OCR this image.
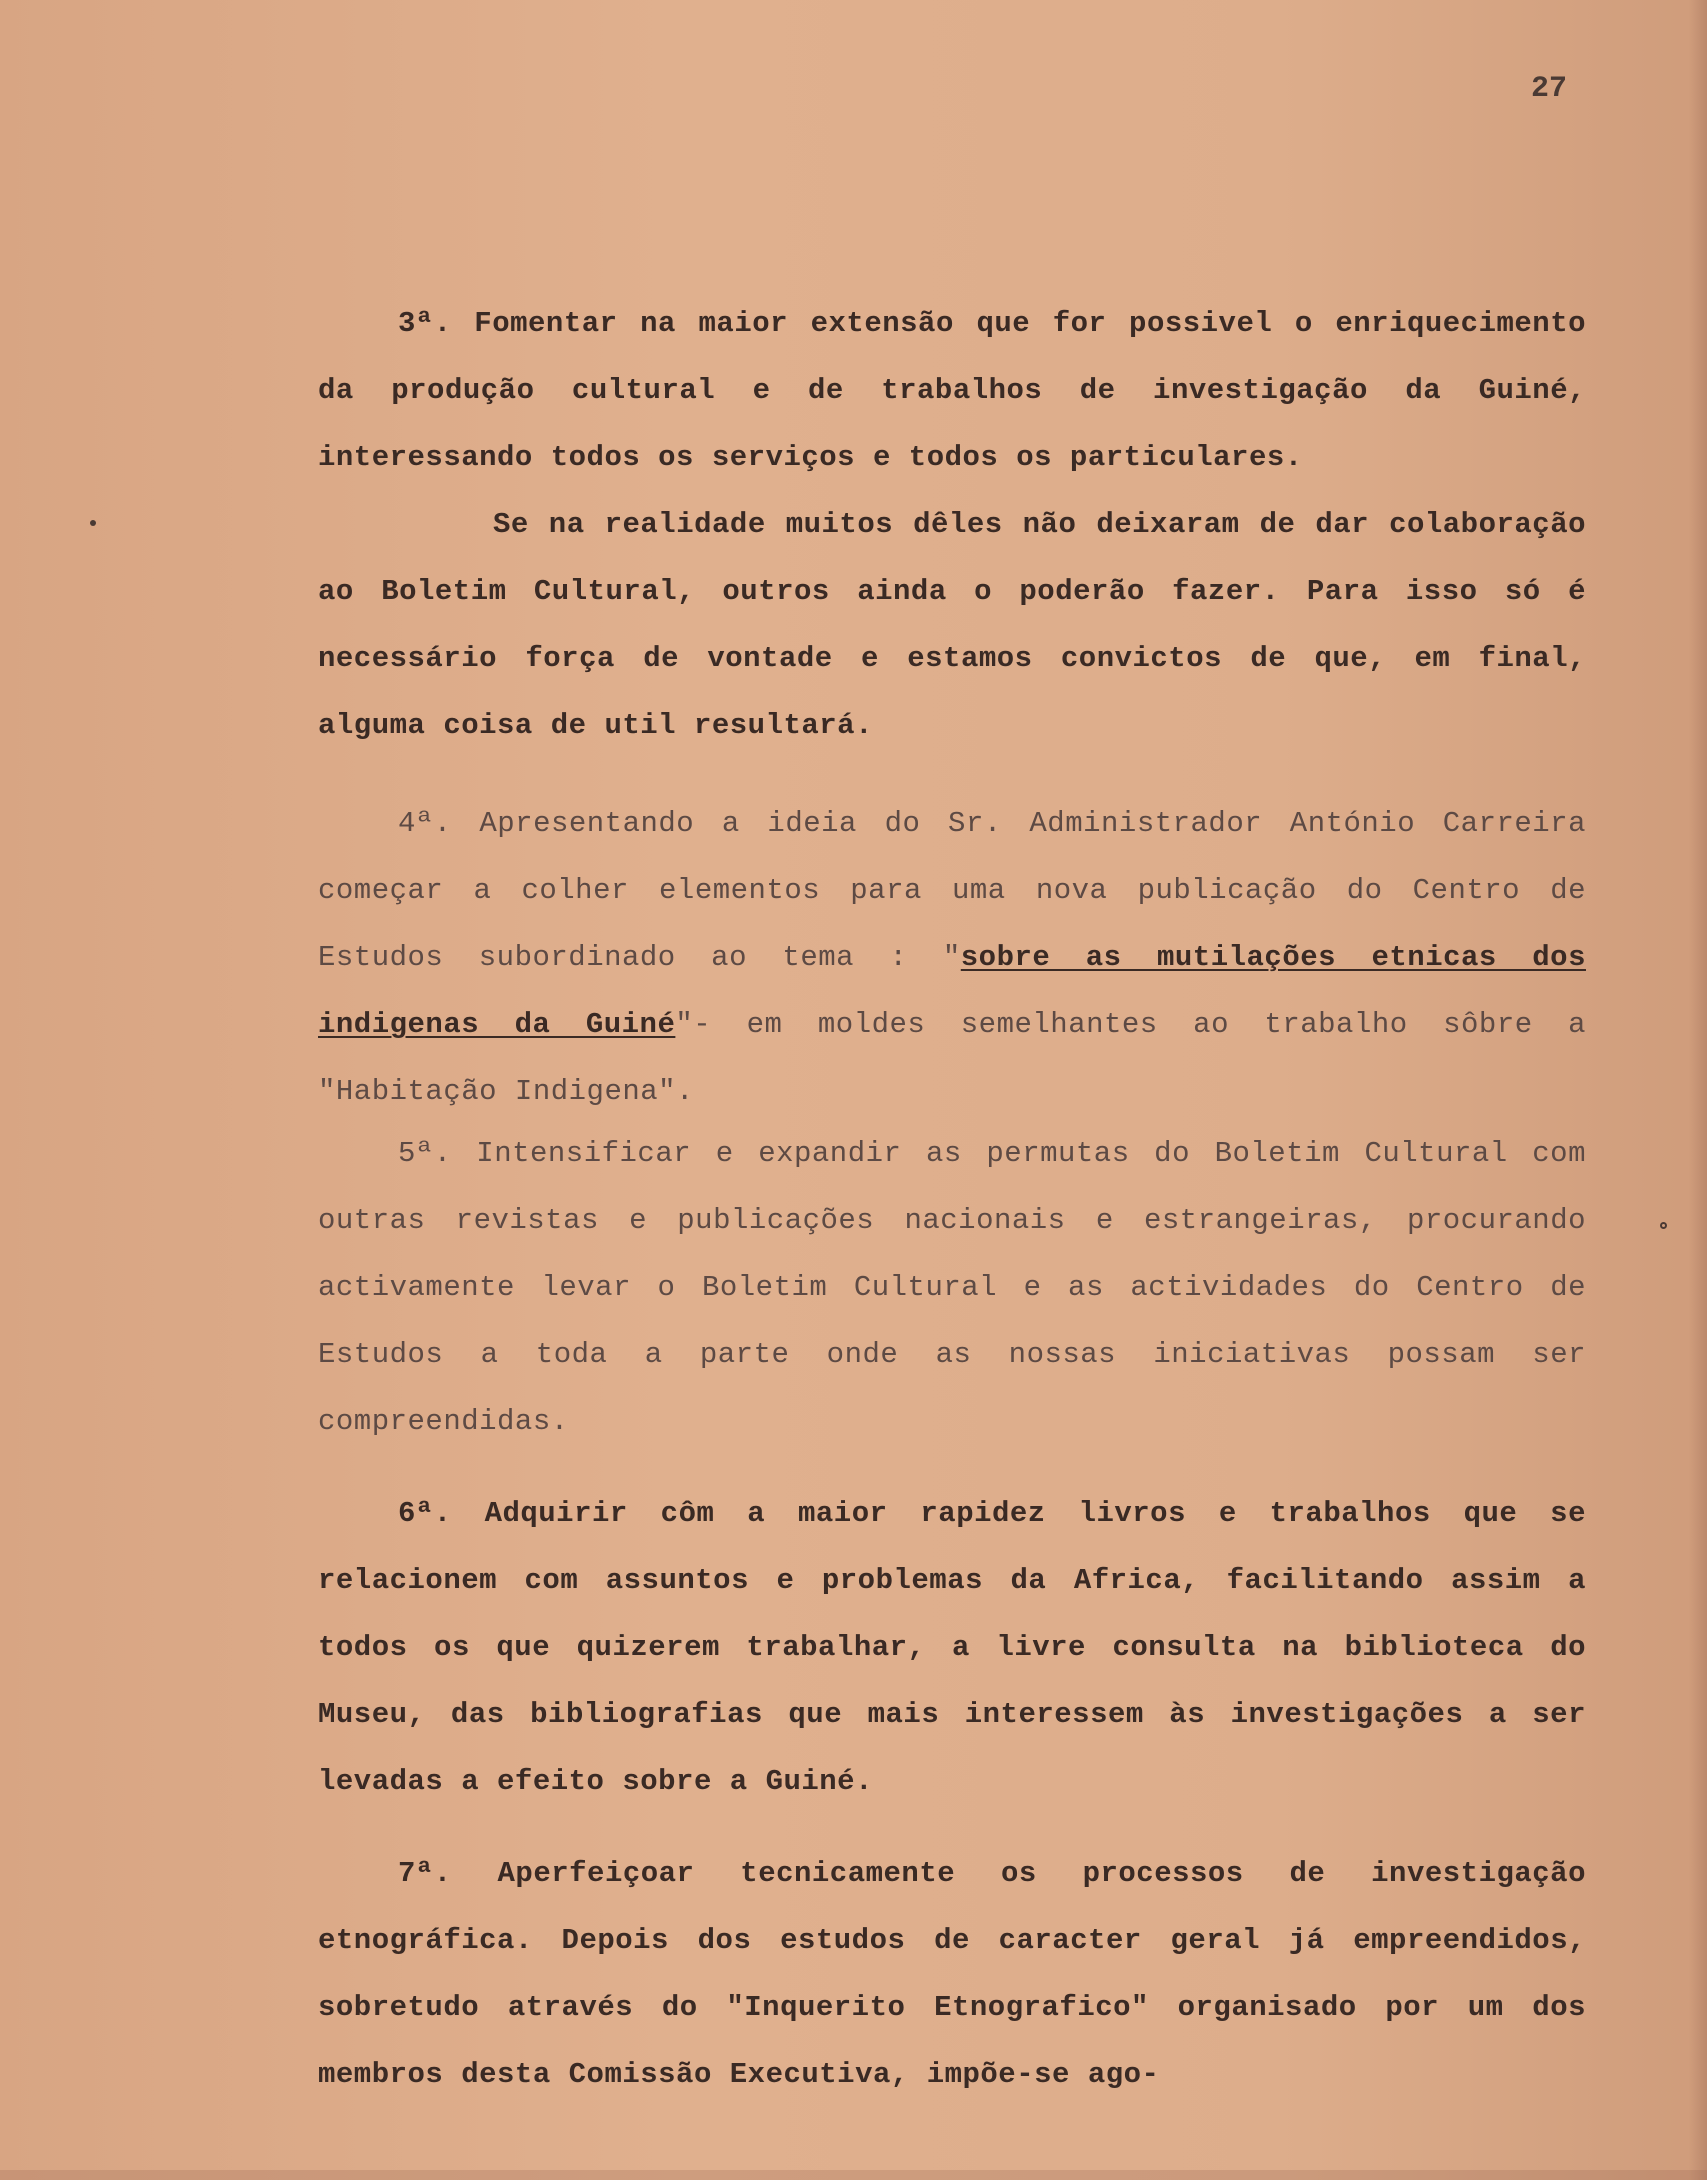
27

3ª. Fomentar na maior extensão que for possivel o enriquecimento da produção cultural e de trabalhos de investigação da Guiné, interessando todos os serviços e todos os particulares.

Se na realidade muitos dêles não deixaram de dar colaboração ao Boletim Cultural, outros ainda o poderão fazer. Para isso só é necessário força de vontade e estamos convictos de que, em final, alguma coisa de util resultará.

4ª. Apresentando a ideia do Sr. Administrador António Carreira começar a colher elementos para uma nova publicação do Centro de Estudos subordinado ao tema : "sobre as mutilações etnicas dos indigenas da Guiné"- em moldes semelhantes ao trabalho sôbre a "Habitação Indigena".

5ª. Intensificar e expandir as permutas do Boletim Cultural com outras revistas e publicações nacionais e estrangeiras, procurando activamente levar o Boletim Cultural e as actividades do Centro de Estudos a toda a parte onde as nossas iniciativas possam ser compreendidas.

6ª. Adquirir côm a maior rapidez livros e trabalhos que se relacionem com assuntos e problemas da Africa, facilitando assim a todos os que quizerem trabalhar, a livre consulta na biblioteca do Museu, das bibliografias que mais interessem às investigações a ser levadas a efeito sobre a Guiné.

7ª. Aperfeiçoar tecnicamente os processos de investigação etnográfica. Depois dos estudos de caracter geral já empreendidos, sobretudo através do "Inquerito Etnografico" organisado por um dos membros desta Comissão Executiva, impõe-se ago-
